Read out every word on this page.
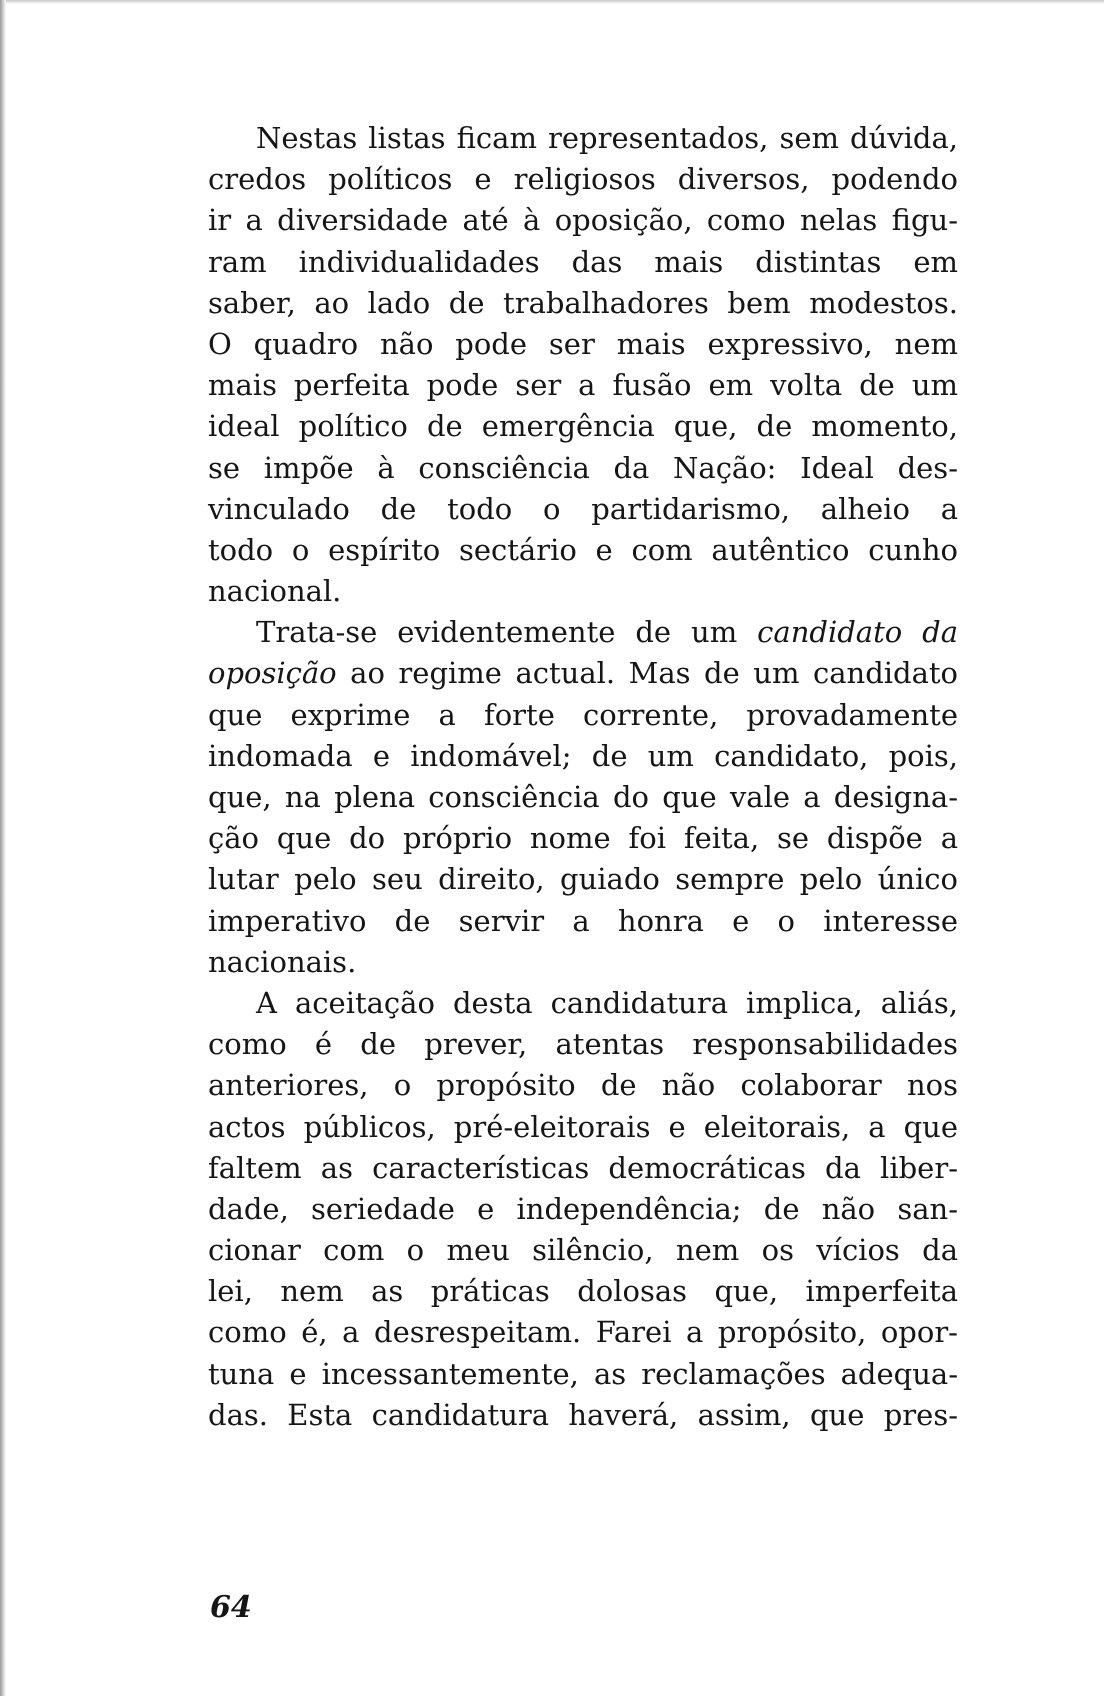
Nestas listas ficam representados, sem dúvida,
credos políticos e religiosos diversos, podendo
ir a diversidade até à oposição, como nelas figu-
ram individualidades das mais distintas em
saber, ao lado de trabalhadores bem modestos.
O quadro não pode ser mais expressivo, nem
mais perfeita pode ser a fusão em volta de um
ideal político de emergência que, de momento,
se impõe à consciência da Nação: Ideal des-
vinculado de todo o partidarismo, alheio a
todo o espírito sectário e com autêntico cunho
nacional.
Trata-se evidentemente de um candidato da
oposição ao regime actual. Mas de um candidato
que exprime a forte corrente, provadamente
indomada e indomável; de um candidato, pois,
que, na plena consciência do que vale a designa-
ção que do próprio nome foi feita, se dispõe a
lutar pelo seu direito, guiado sempre pelo único
imperativo de servir a honra e o interesse
nacionais.
A aceitação desta candidatura implica, aliás,
como é de prever, atentas responsabilidades
anteriores, o propósito de não colaborar nos
actos públicos, pré-eleitorais e eleitorais, a que
faltem as características democráticas da liber-
dade, seriedade e independência; de não san-
cionar com o meu silêncio, nem os vícios da
lei, nem as práticas dolosas que, imperfeita
como é, a desrespeitam. Farei a propósito, opor-
tuna e incessantemente, as reclamações adequa-
das. Esta candidatura haverá, assim, que pres-
64
